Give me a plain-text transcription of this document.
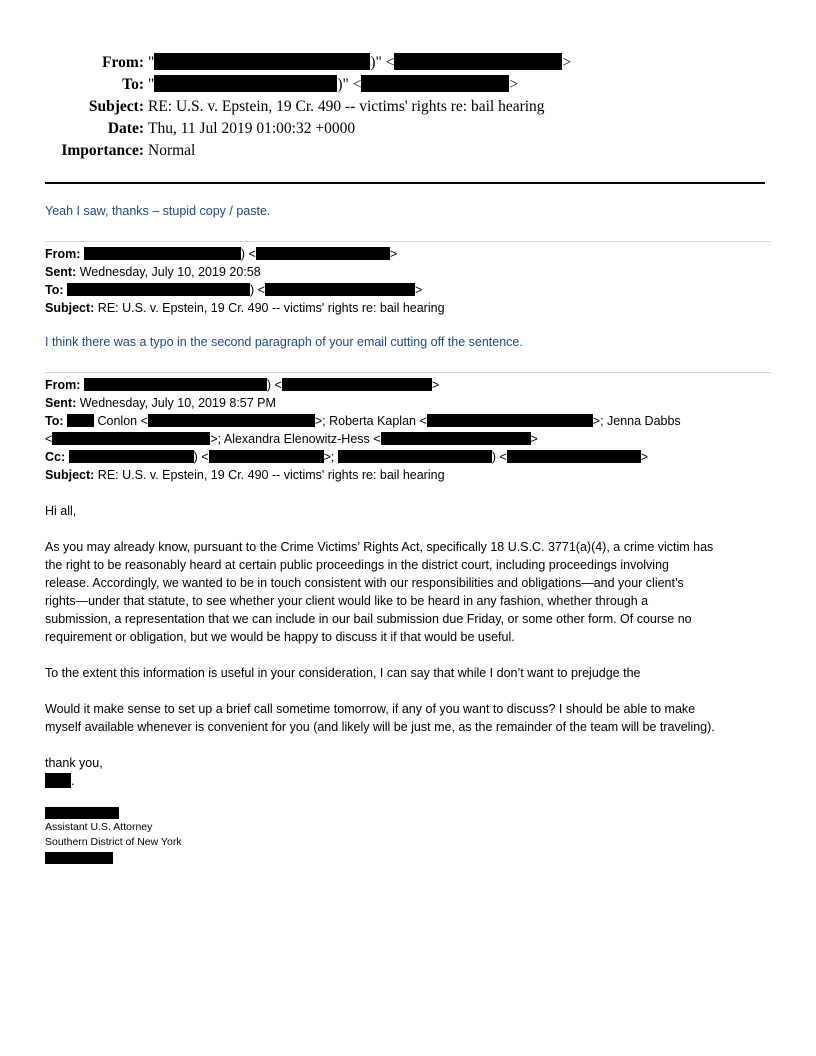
From: "	)" <	>
To: "	)" <	>
Subject: RE: U.S. v. Epstein, 19 Cr. 490 -- victims' rights re: bail hearing
Date: Thu, 11 Jul 2019 01:00:32 +0000
Importance: Normal
Yeah I saw, thanks – stupid copy / paste.
From:	) <	>
Sent: Wednesday, July 10, 2019 20:58
To:	) <	>
Subject: RE: U.S. v. Epstein, 19 Cr. 490 -- victims' rights re: bail hearing
I think there was a typo in the second paragraph of your email cutting off the sentence.
From:	) <	>
Sent: Wednesday, July 10, 2019 8:57 PM
To:	Conlon <	>; Roberta Kaplan <	>; Jenna Dabbs
<	>; Alexandra Elenowitz-Hess <	>
Cc:	) <	>;	) <	>
Subject: RE: U.S. v. Epstein, 19 Cr. 490 -- victims' rights re: bail hearing
Hi all,
As you may already know, pursuant to the Crime Victims’ Rights Act, specifically 18 U.S.C. 3771(a)(4), a crime victim has
the right to be reasonably heard at certain public proceedings in the district court, including proceedings involving
release. Accordingly, we wanted to be in touch consistent with our responsibilities and obligations—and your client’s
rights—under that statute, to see whether your client would like to be heard in any fashion, whether through a
submission, a representation that we can include in our bail submission due Friday, or some other form. Of course no
requirement or obligation, but we would be happy to discuss it if that would be useful.
To the extent this information is useful in your consideration, I can say that while I don’t want to prejudge the
Would it make sense to set up a brief call sometime tomorrow, if any of you want to discuss? I should be able to make
myself available whenever is convenient for you (and likely will be just me, as the remainder of the team will be traveling).
thank you,
.
Assistant U.S. Attorney
Southern District of New York
